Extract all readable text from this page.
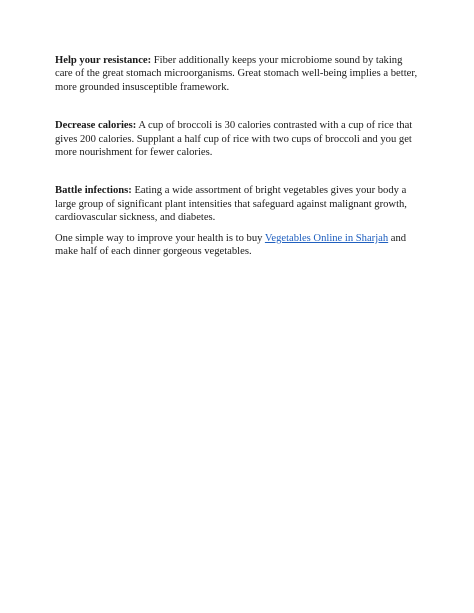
Help your resistance: Fiber additionally keeps your microbiome sound by taking care of the great stomach microorganisms. Great stomach well-being implies a better, more grounded insusceptible framework.

Decrease calories: A cup of broccoli is 30 calories contrasted with a cup of rice that gives 200 calories. Supplant a half cup of rice with two cups of broccoli and you get more nourishment for fewer calories.

Battle infections: Eating a wide assortment of bright vegetables gives your body a large group of significant plant intensities that safeguard against malignant growth, cardiovascular sickness, and diabetes.

One simple way to improve your health is to buy Vegetables Online in Sharjah and make half of each dinner gorgeous vegetables.
